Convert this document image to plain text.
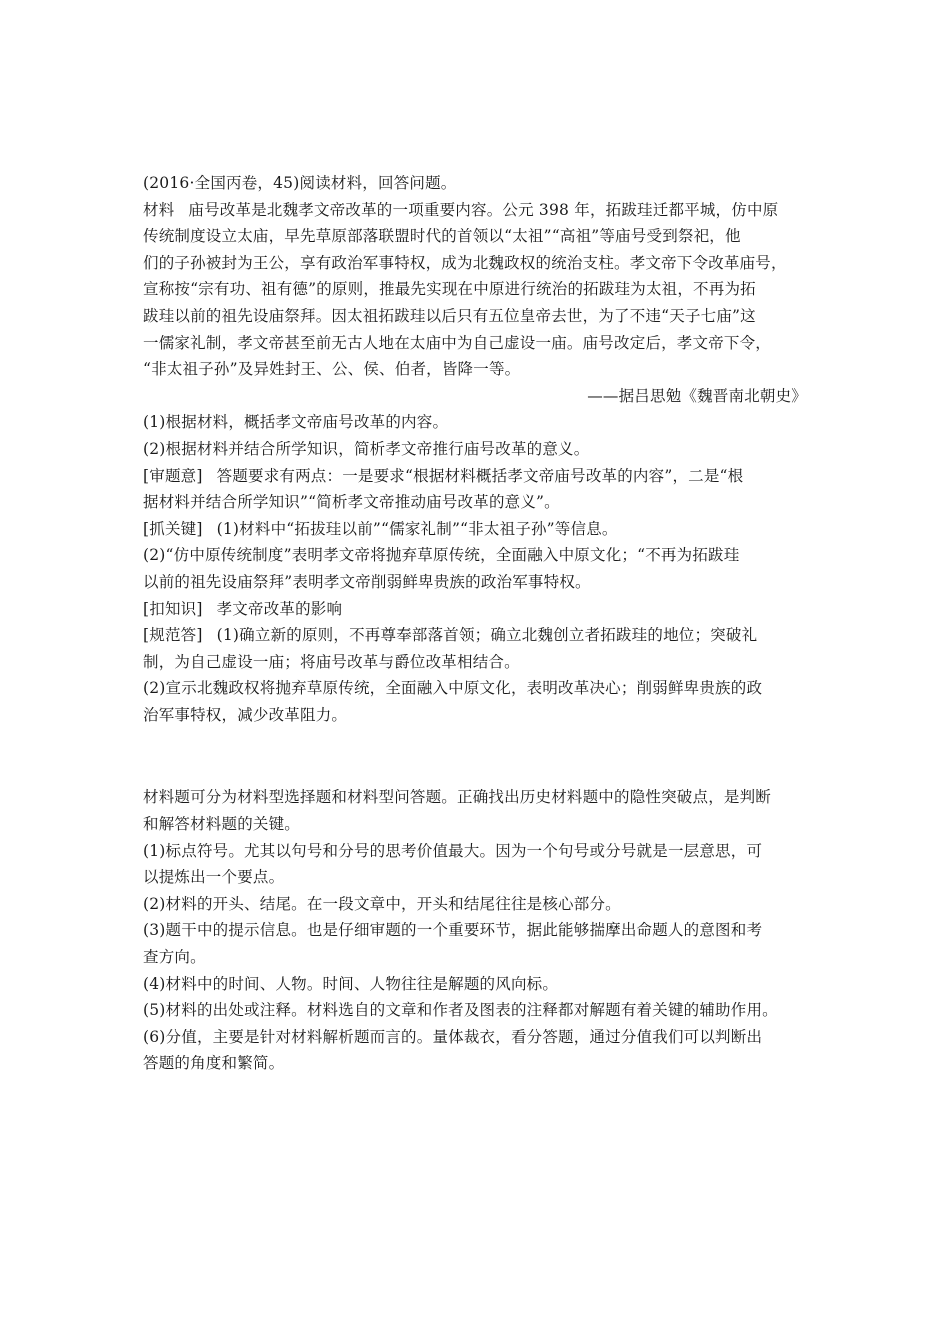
(2016·全国丙卷，45)阅读材料，回答问题。
材料 庙号改革是北魏孝文帝改革的一项重要内容。公元 398 年，拓跋珪迁都平城，仿中原
传统制度设立太庙，早先草原部落联盟时代的首领以“太祖”“高祖”等庙号受到祭祀，他
们的子孙被封为王公，享有政治军事特权，成为北魏政权的统治支柱。孝文帝下令改革庙号，
宣称按“宗有功、祖有德”的原则，推最先实现在中原进行统治的拓跋珪为太祖，不再为拓
跋珪以前的祖先设庙祭拜。因太祖拓跋珪以后只有五位皇帝去世，为了不违“天子七庙”这
一儒家礼制，孝文帝甚至前无古人地在太庙中为自己虚设一庙。庙号改定后，孝文帝下令，
“非太祖子孙”及异姓封王、公、侯、伯者，皆降一等。
——据吕思勉《魏晋南北朝史》
(1)根据材料，概括孝文帝庙号改革的内容。
(2)根据材料并结合所学知识，简析孝文帝推行庙号改革的意义。
[审题意] 答题要求有两点：一是要求“根据材料概括孝文帝庙号改革的内容”，二是“根
据材料并结合所学知识”“简析孝文帝推动庙号改革的意义”。
[抓关键] (1)材料中“拓拔珪以前”“儒家礼制”“非太祖子孙”等信息。
(2)“仿中原传统制度”表明孝文帝将抛弃草原传统，全面融入中原文化；“不再为拓跋珪
以前的祖先设庙祭拜”表明孝文帝削弱鲜卑贵族的政治军事特权。
[扣知识] 孝文帝改革的影响
[规范答] (1)确立新的原则，不再尊奉部落首领；确立北魏创立者拓跋珪的地位；突破礼
制，为自己虚设一庙；将庙号改革与爵位改革相结合。
(2)宣示北魏政权将抛弃草原传统，全面融入中原文化，表明改革决心；削弱鲜卑贵族的政
治军事特权，减少改革阻力。
材料题可分为材料型选择题和材料型问答题。正确找出历史材料题中的隐性突破点，是判断
和解答材料题的关键。
(1)标点符号。尤其以句号和分号的思考价值最大。因为一个句号或分号就是一层意思，可
以提炼出一个要点。
(2)材料的开头、结尾。在一段文章中，开头和结尾往往是核心部分。
(3)题干中的提示信息。也是仔细审题的一个重要环节，据此能够揣摩出命题人的意图和考
查方向。
(4)材料中的时间、人物。时间、人物往往是解题的风向标。
(5)材料的出处或注释。材料选自的文章和作者及图表的注释都对解题有着关键的辅助作用。
(6)分值，主要是针对材料解析题而言的。量体裁衣，看分答题，通过分值我们可以判断出
答题的角度和繁简。
